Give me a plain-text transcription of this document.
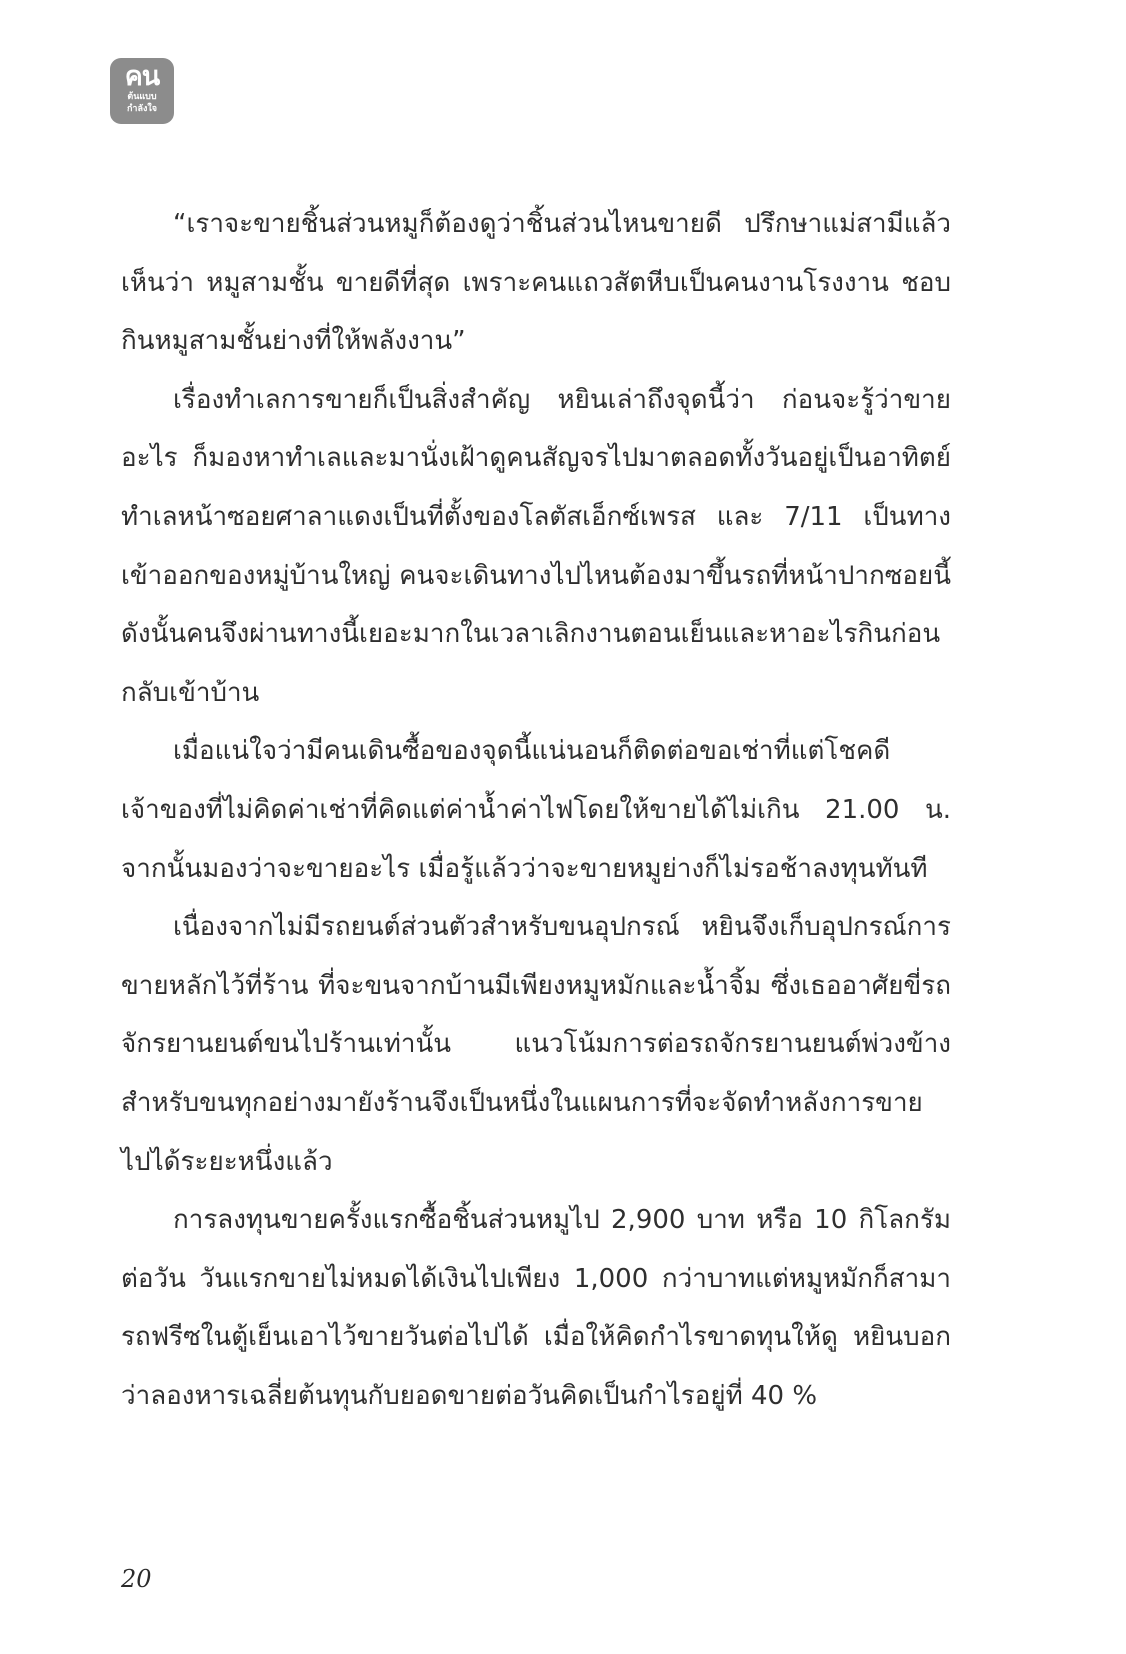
คน
ต้นแบบ
กำลังใจ

“เราจะขายชิ้นส่วนหมูก็ต้องดูว่าชิ้นส่วนไหนขายดี ปรึกษาแม่สามีแล้วเห็นว่า หมูสามชั้น ขายดีที่สุด เพราะคนแถวสัตหีบเป็นคนงานโรงงาน ชอบกินหมูสามชั้นย่างที่ให้พลังงาน”

เรื่องทำเลการขายก็เป็นสิ่งสำคัญ หยินเล่าถึงจุดนี้ว่า ก่อนจะรู้ว่าขายอะไร ก็มองหาทำเลและมานั่งเฝ้าดูคนสัญจรไปมาตลอดทั้งวันอยู่เป็นอาทิตย์ ทำเลหน้าซอยศาลาแดงเป็นที่ตั้งของโลตัสเอ็กซ์เพรส และ 7/11 เป็นทางเข้าออกของหมู่บ้านใหญ่ คนจะเดินทางไปไหนต้องมาขึ้นรถที่หน้าปากซอยนี้ ดังนั้นคนจึงผ่านทางนี้เยอะมากในเวลาเลิกงานตอนเย็นและหาอะไรกินก่อนกลับเข้าบ้าน

เมื่อแน่ใจว่ามีคนเดินซื้อของจุดนี้แน่นอนก็ติดต่อขอเช่าที่แต่โชคดีเจ้าของที่ไม่คิดค่าเช่าที่คิดแต่ค่าน้ำค่าไฟโดยให้ขายได้ไม่เกิน 21.00 น. จากนั้นมองว่าจะขายอะไร เมื่อรู้แล้วว่าจะขายหมูย่างก็ไม่รอช้าลงทุนทันที

เนื่องจากไม่มีรถยนต์ส่วนตัวสำหรับขนอุปกรณ์ หยินจึงเก็บอุปกรณ์การขายหลักไว้ที่ร้าน ที่จะขนจากบ้านมีเพียงหมูหมักและน้ำจิ้ม ซึ่งเธออาศัยขี่รถจักรยานยนต์ขนไปร้านเท่านั้น แนวโน้มการต่อรถจักรยานยนต์พ่วงข้างสำหรับขนทุกอย่างมายังร้านจึงเป็นหนึ่งในแผนการที่จะจัดทำหลังการขายไปได้ระยะหนึ่งแล้ว

การลงทุนขายครั้งแรกซื้อชิ้นส่วนหมูไป 2,900 บาท หรือ 10 กิโลกรัมต่อวัน วันแรกขายไม่หมดได้เงินไปเพียง 1,000 กว่าบาทแต่หมูหมักก็สามารถฟรีซในตู้เย็นเอาไว้ขายวันต่อไปได้ เมื่อให้คิดกำไรขาดทุนให้ดู หยินบอกว่าลองหารเฉลี่ยต้นทุนกับยอดขายต่อวันคิดเป็นกำไรอยู่ที่ 40 %

20
